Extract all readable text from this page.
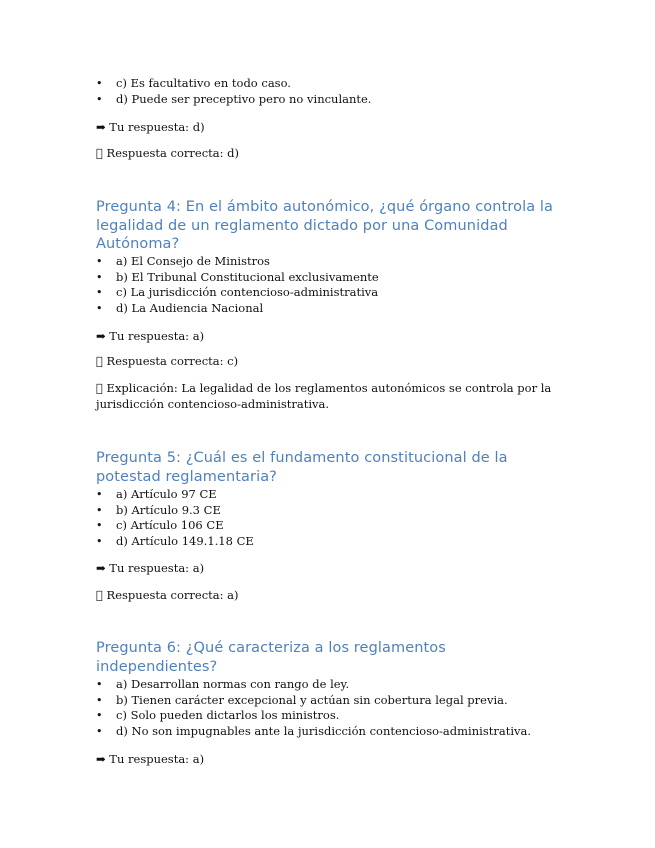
• c) Es facultativo en todo caso.
• d) Puede ser preceptivo pero no vinculante.

➡ Tu respuesta: d)

Respuesta correcta: d)

Pregunta 4: En el ámbito autonómico, ¿qué órgano controla la legalidad de un reglamento dictado por una Comunidad Autónoma?
• a) El Consejo de Ministros
• b) El Tribunal Constitucional exclusivamente
• c) La jurisdicción contencioso-administrativa
• d) La Audiencia Nacional

➡ Tu respuesta: a)

Respuesta correcta: c)

Explicación: La legalidad de los reglamentos autonómicos se controla por la jurisdicción contencioso-administrativa.

Pregunta 5: ¿Cuál es el fundamento constitucional de la potestad reglamentaria?
• a) Artículo 97 CE
• b) Artículo 9.3 CE
• c) Artículo 106 CE
• d) Artículo 149.1.18 CE

➡ Tu respuesta: a)

Respuesta correcta: a)

Pregunta 6: ¿Qué caracteriza a los reglamentos independientes?
• a) Desarrollan normas con rango de ley.
• b) Tienen carácter excepcional y actúan sin cobertura legal previa.
• c) Solo pueden dictarlos los ministros.
• d) No son impugnables ante la jurisdicción contencioso-administrativa.

➡ Tu respuesta: a)
